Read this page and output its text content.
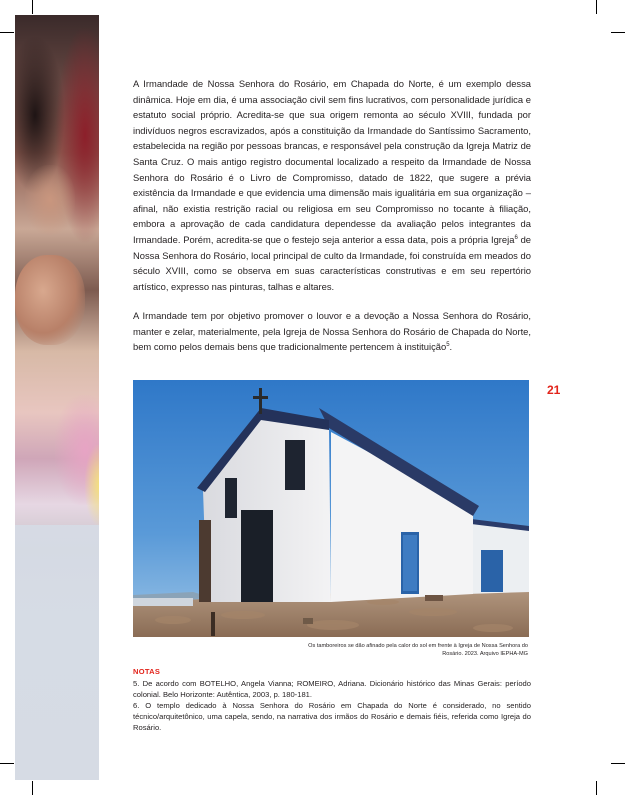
A Irmandade de Nossa Senhora do Rosário, em Chapada do Norte, é um exemplo dessa dinâmica. Hoje em dia, é uma associação civil sem fins lucrativos, com personalidade jurídica e estatuto social próprio. Acredita-se que sua origem remonta ao século XVIII, fundada por indivíduos negros escravizados, após a constituição da Irmandade do Santíssimo Sacramento, estabelecida na região por pessoas brancas, e responsável pela construção da Igreja Matriz de Santa Cruz. O mais antigo registro documental localizado a respeito da Irmandade de Nossa Senhora do Rosário é o Livro de Compromisso, datado de 1822, que sugere a prévia existência da Irmandade e que evidencia uma dimensão mais igualitária em sua organização – afinal, não existia restrição racial ou religiosa em seu Compromisso no tocante à filiação, embora a aprovação de cada candidatura dependesse da avaliação pelos integrantes da Irmandade. Porém, acredita-se que o festejo seja anterior a essa data, pois a própria Igreja$^6$ de Nossa Senhora do Rosário, local principal de culto da Irmandade, foi construída em meados do século XVIII, como se observa em suas características construtivas e em seu repertório artístico, expresso nas pinturas, talhas e altares.
A Irmandade tem por objetivo promover o louvor e a devoção a Nossa Senhora do Rosário, manter e zelar, materialmente, pela Igreja de Nossa Senhora do Rosário de Chapada do Norte, bem como pelos demais bens que tradicionalmente pertencem à instituição$^5$.
21
Os tamboreiros se dão afinado pela calor do sol em frente à Igreja de Nossa Senhora do Rosário. 2023. Arquivo IEPHA-MG
NOTAS

5. De acordo com BOTELHO, Angela Vianna; ROMEIRO, Adriana. Dicionário histórico das Minas Gerais: período colonial. Belo Horizonte: Autêntica, 2003, p. 180-181.

6. O templo dedicado à Nossa Senhora do Rosário em Chapada do Norte é considerado, no sentido técnico/arquitetônico, uma capela, sendo, na narrativa dos irmãos do Rosário e demais fiéis, referida como Igreja do Rosário.
